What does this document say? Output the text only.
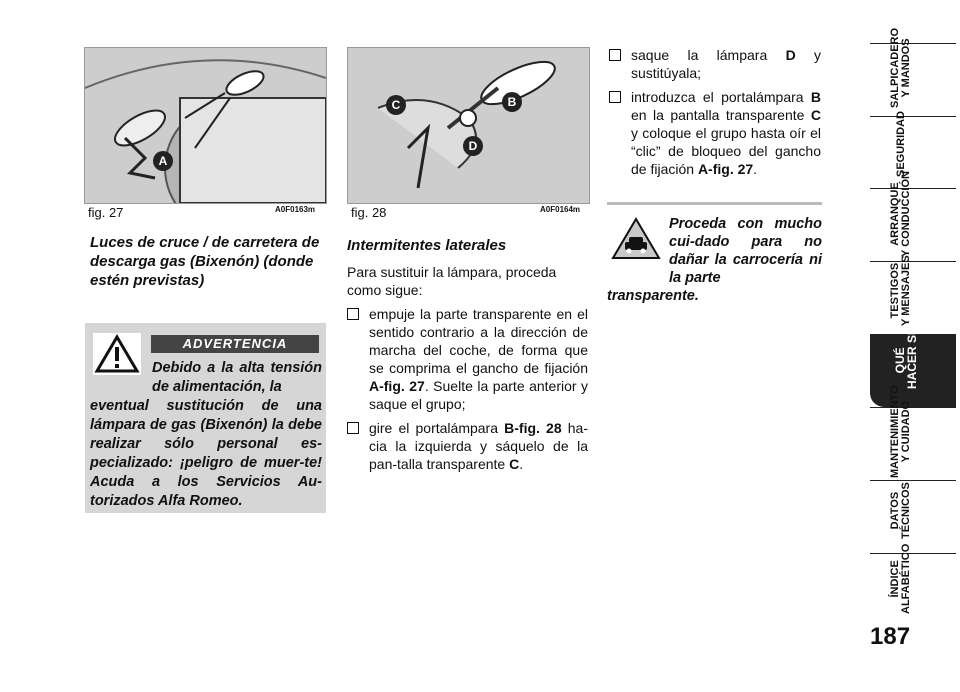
A
fig. 27	A0F0163m
B
C
D
fig. 28	A0F0164m
Luces de cruce / de carretera de descarga gas (Bixenón) (donde estén previstas)
ADVERTENCIA
Debido a la alta tensión de alimentación, la
eventual sustitución de una lámpara de gas (Bixenón) la debe realizar sólo personal es-pecializado: ¡peligro de muer-te! Acuda a los Servicios Au-torizados Alfa Romeo.
Intermitentes laterales

Para sustituir la lámpara, proceda como sigue:

empuje la parte transparente en el sentido contrario a la dirección de marcha del coche, de forma que se comprima el gancho de fijación A-fig. 27. Suelte la parte anterior y saque el grupo;
gire el portalámpara B-fig. 28 ha-cia la izquierda y sáquelo de la pan-talla transparente C.
saque la lámpara D y sustitúyala;
introduzca el portalámpara B en la pantalla transparente C y coloque el grupo hasta oír el “clic” de bloqueo del gancho de fijación A-fig. 27.
Proceda con mucho cui-dado para no dañar la carrocería ni la parte
transparente.
SALPICADERO Y MANDOS
SEGURIDAD
ARRANQUE Y CONDUCCIÓN
TESTIGOS Y MENSAJES
QUÉ
HACER SI
MANTENIMIENTO Y CUIDADO
DATOS TÉCNICOS
ÍNDICE ALFABÉTICO
187
